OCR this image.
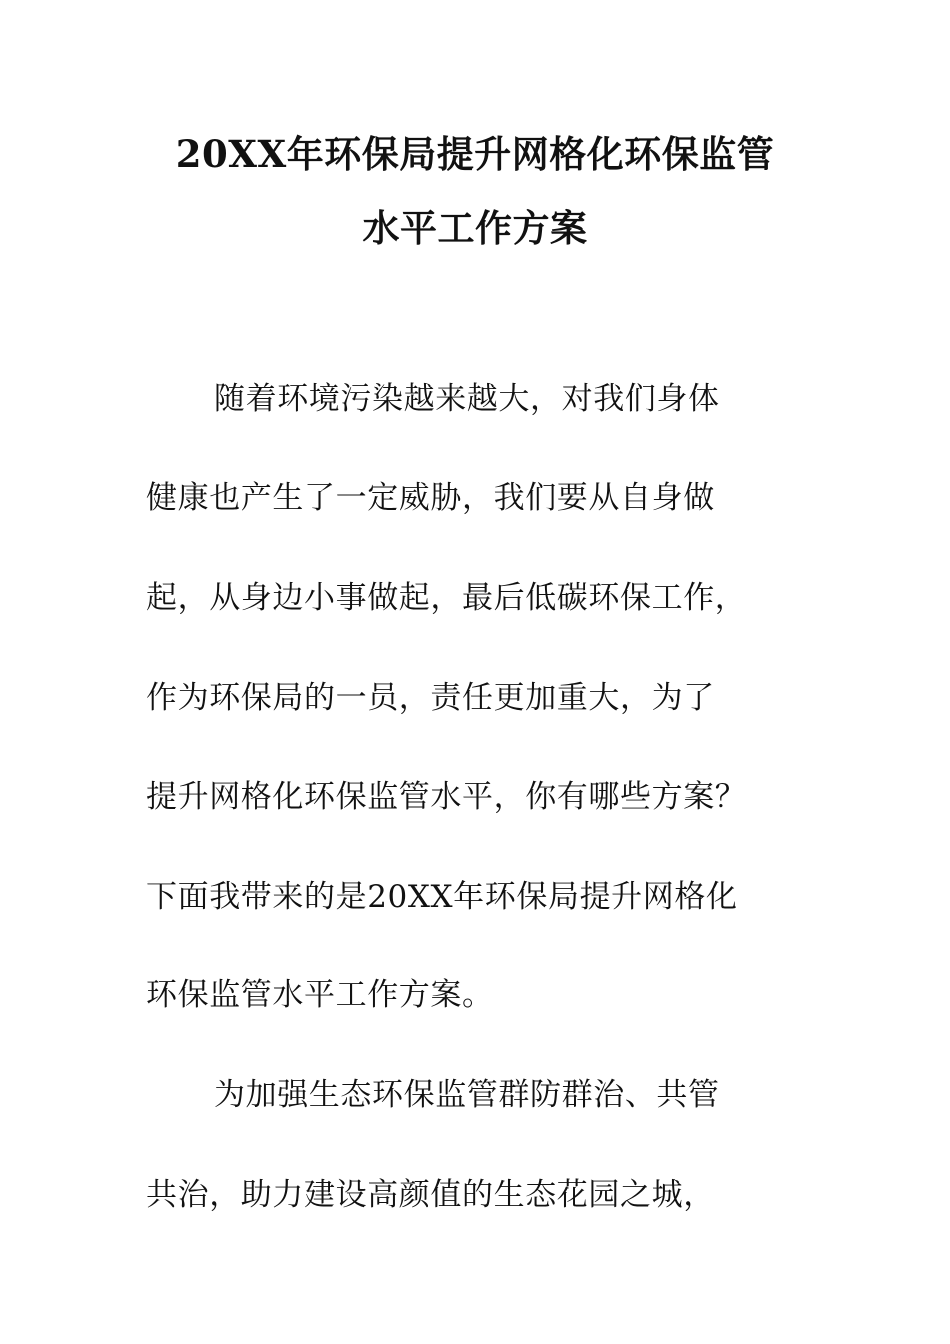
20XX年环保局提升网格化环保监管
水平工作方案
随着环境污染越来越大，对我们身体
健康也产生了一定威胁，我们要从自身做
起，从身边小事做起，最后低碳环保工作，
作为环保局的一员，责任更加重大，为了
提升网格化环保监管水平，你有哪些方案？
下面我带来的是20XX年环保局提升网格化
环保监管水平工作方案。
为加强生态环保监管群防群治、共管
共治，助力建设高颜值的生态花园之城，
